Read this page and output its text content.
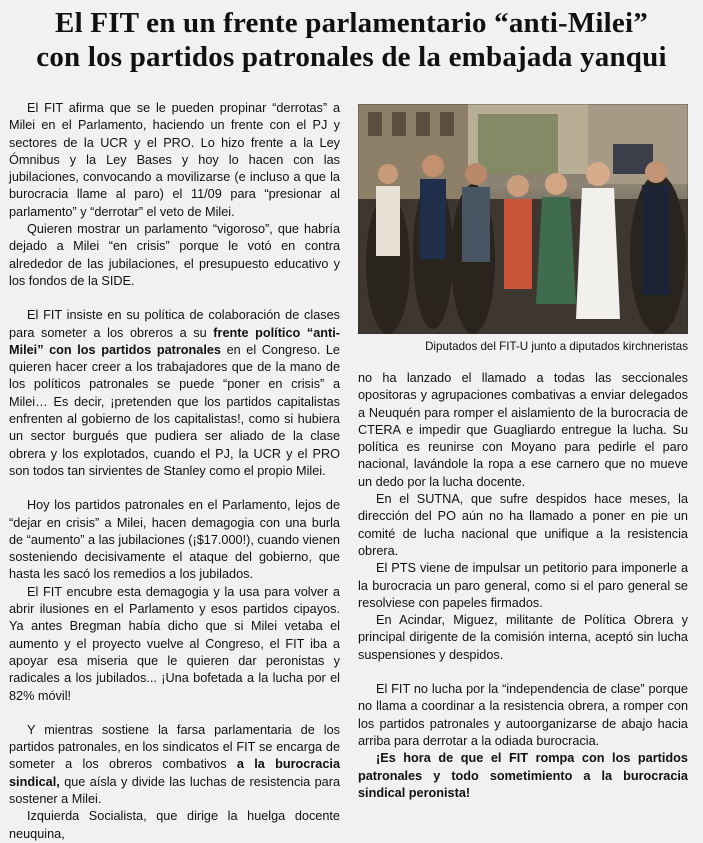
El FIT en un frente parlamentario “anti-Milei”
con los partidos patronales de la embajada yanqui

El FIT afirma que se le pueden propinar “derrotas” a Milei en el Parlamento, haciendo un frente con el PJ y sectores de la UCR y el PRO. Lo hizo frente a la Ley Ómnibus y la Ley Bases y hoy lo hacen con las jubilaciones, convocando a movilizarse (e incluso a que la burocracia llame al paro) el 11/09 para “presionar al parlamento” y “derrotar” el veto de Milei.

Quieren mostrar un parlamento “vigoroso”, que habría dejado a Milei “en crisis” porque le votó en contra alrededor de las jubilaciones, el presupuesto educativo y los fondos de la SIDE.

El FIT insiste en su política de colaboración de clases para someter a los obreros a su frente político “anti-Milei” con los partidos patronales en el Congreso. Le quieren hacer creer a los trabajadores que de la mano de los políticos patronales se puede “poner en crisis” a Milei… Es decir, ¡pretenden que los partidos capitalistas enfrenten al gobierno de los capitalistas!, como si hubiera un sector burgués que pudiera ser aliado de la clase obrera y los explotados, cuando el PJ, la UCR y el PRO son todos tan sirvientes de Stanley como el propio Milei.

Hoy los partidos patronales en el Parlamento, lejos de “dejar en crisis” a Milei, hacen demagogia con una burla de “aumento” a las jubilaciones (¡$17.000!), cuando vienen sosteniendo decisivamente el ataque del gobierno, que hasta les sacó los remedios a los jubilados.

El FIT encubre esta demagogia y la usa para volver a abrir ilusiones en el Parlamento y esos partidos cipayos. Ya antes Bregman había dicho que si Milei vetaba el aumento y el proyecto vuelve al Congreso, el FIT iba a apoyar esa miseria que le quieren dar peronistas y radicales a los jubilados... ¡Una bofetada a la lucha por el 82% móvil!

Y mientras sostiene la farsa parlamentaria de los partidos patronales, en los sindicatos el FIT se encarga de someter a los obreros combativos a la burocracia sindical, que aísla y divide las luchas de resistencia para sostener a Milei.

Izquierda Socialista, que dirige la huelga docente neuquina,

Diputados del FIT-U junto a diputados kirchneristas

no ha lanzado el llamado a todas las seccionales opositoras y agrupaciones combativas a enviar delegados a Neuquén para romper el aislamiento de la burocracia de CTERA e impedir que Guagliardo entregue la lucha. Su política es reunirse con Moyano para pedirle el paro nacional, lavándole la ropa a ese carnero que no mueve un dedo por la lucha docente.

En el SUTNA, que sufre despidos hace meses, la dirección del PO aún no ha llamado a poner en pie un comité de lucha nacional que unifique a la resistencia obrera.

El PTS viene de impulsar un petitorio para imponerle a la burocracia un paro general, como si el paro general se resolviese con papeles firmados.

En Acindar, Miguez, militante de Política Obrera y principal dirigente de la comisión interna, aceptó sin lucha suspensiones y despidos.

El FIT no lucha por la “independencia de clase” porque no llama a coordinar a la resistencia obrera, a romper con los partidos patronales y autoorganizarse de abajo hacia arriba para derrotar a la odiada burocracia.

¡Es hora de que el FIT rompa con los partidos patronales y todo sometimiento a la burocracia sindical peronista!
